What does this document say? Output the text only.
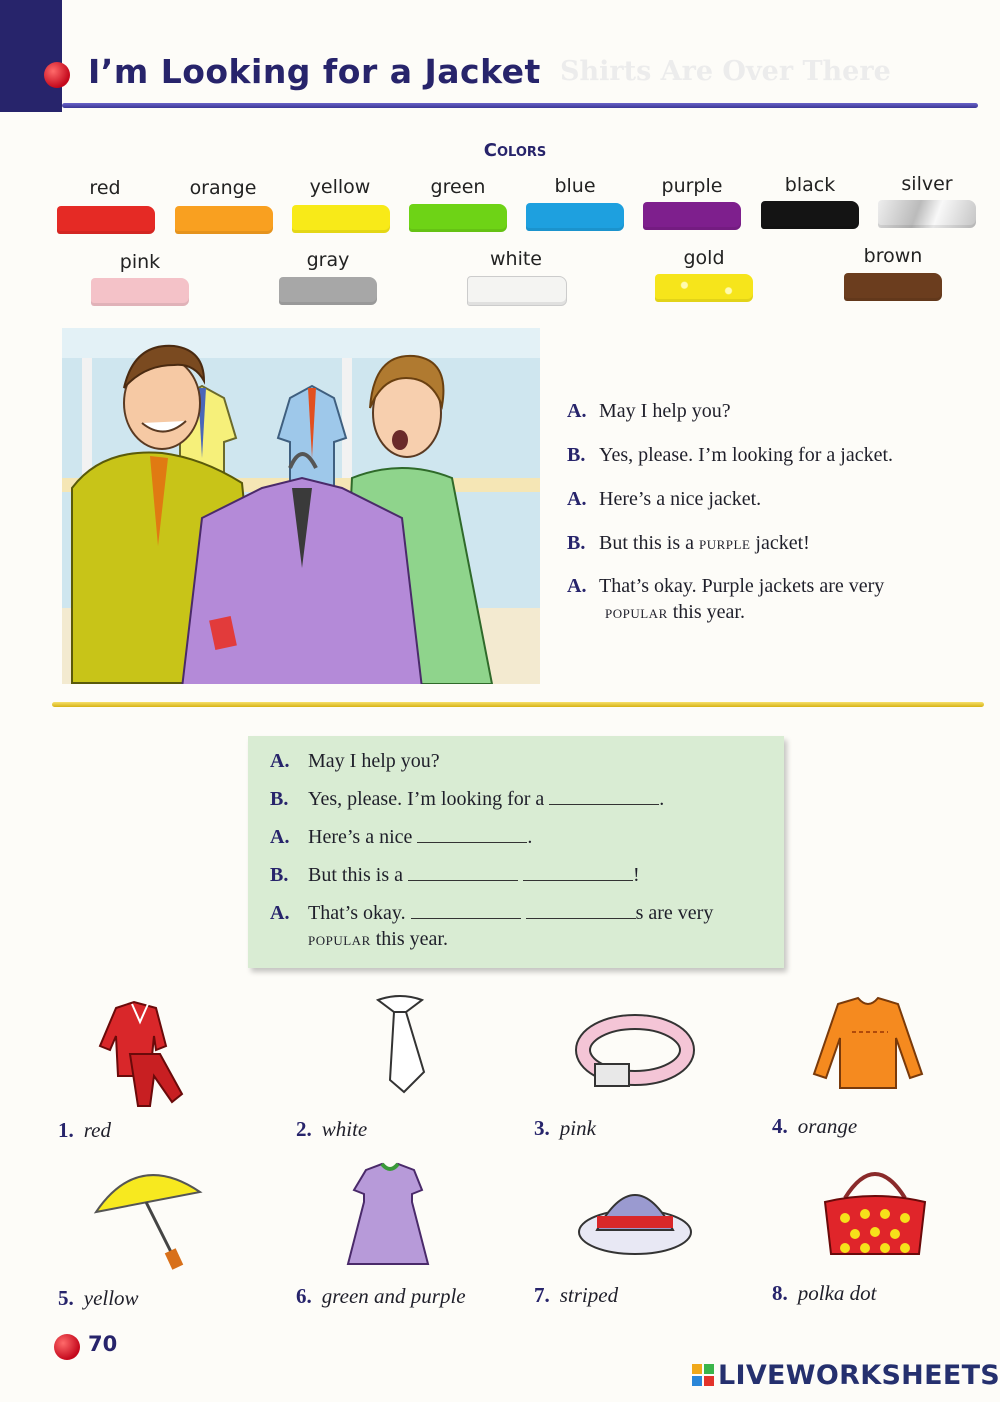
Shirts Are Over There
I’m Looking for a Jacket
Colors
red	orange	yellow	green	blue	purple	black	silver
pink	gray	white	gold	brown
A. May I help you?
B. Yes, please. I’m looking for a jacket.
A. Here’s a nice jacket.
B. But this is a purple jacket!
A. That’s okay. Purple jackets are very
popular this year.
A. May I help you?
B. Yes, please. I’m looking for a	.
A. Here’s a nice	.
B. But this is a	!
A. That’s okay.	s are very
popular this year.
1. red	2. white	3. pink	4. orange
5. yellow	6. green and purple	7. striped	8. polka dot
70
LIVEWORKSHEETS
